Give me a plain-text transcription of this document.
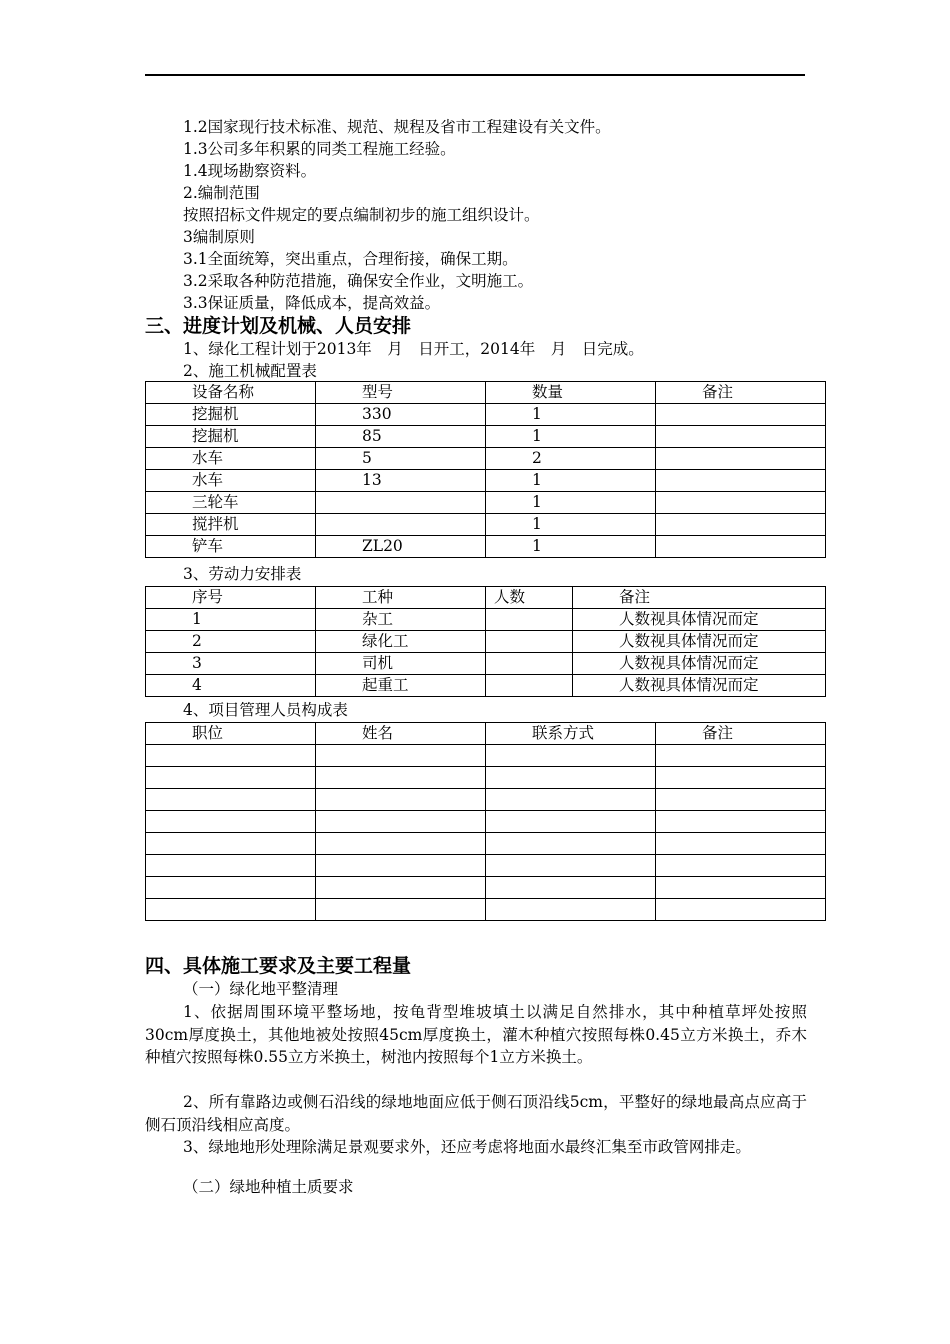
1.2国家现行技术标准、规范、规程及省市工程建设有关文件。
1.3公司多年积累的同类工程施工经验。
1.4现场勘察资料。
2.编制范围
按照招标文件规定的要点编制初步的施工组织设计。
3编制原则
3.1全面统筹，突出重点，合理衔接，确保工期。
3.2采取各种防范措施，确保安全作业，文明施工。
3.3保证质量，降低成本，提高效益。
三、进度计划及机械、人员安排
1、绿化工程计划于2013年　月　日开工，2014年　月　日完成。
2、施工机械配置表
设备名称	型号	数量	备注
挖掘机	330	1	
挖掘机	85	1	
水车	5	2	
水车	13	1	
三轮车		1	
搅拌机		1	
铲车	ZL20	1	
3、劳动力安排表
序号	工种	人数	备注
1	杂工		人数视具体情况而定
2	绿化工		人数视具体情况而定
3	司机		人数视具体情况而定
4	起重工		人数视具体情况而定
4、项目管理人员构成表
职位	姓名	联系方式	备注

四、具体施工要求及主要工程量
（一）绿化地平整清理
1、依据周围环境平整场地，按龟背型堆坡填土以满足自然排水，其中种植草坪处按照30cm厚度换土，其他地被处按照45cm厚度换土，灌木种植穴按照每株0.45立方米换土，乔木种植穴按照每株0.55立方米换土，树池内按照每个1立方米换土。
2、所有靠路边或侧石沿线的绿地地面应低于侧石顶沿线5cm，平整好的绿地最高点应高于侧石顶沿线相应高度。
3、绿地地形处理除满足景观要求外，还应考虑将地面水最终汇集至市政管网排走。
（二）绿地种植土质要求
